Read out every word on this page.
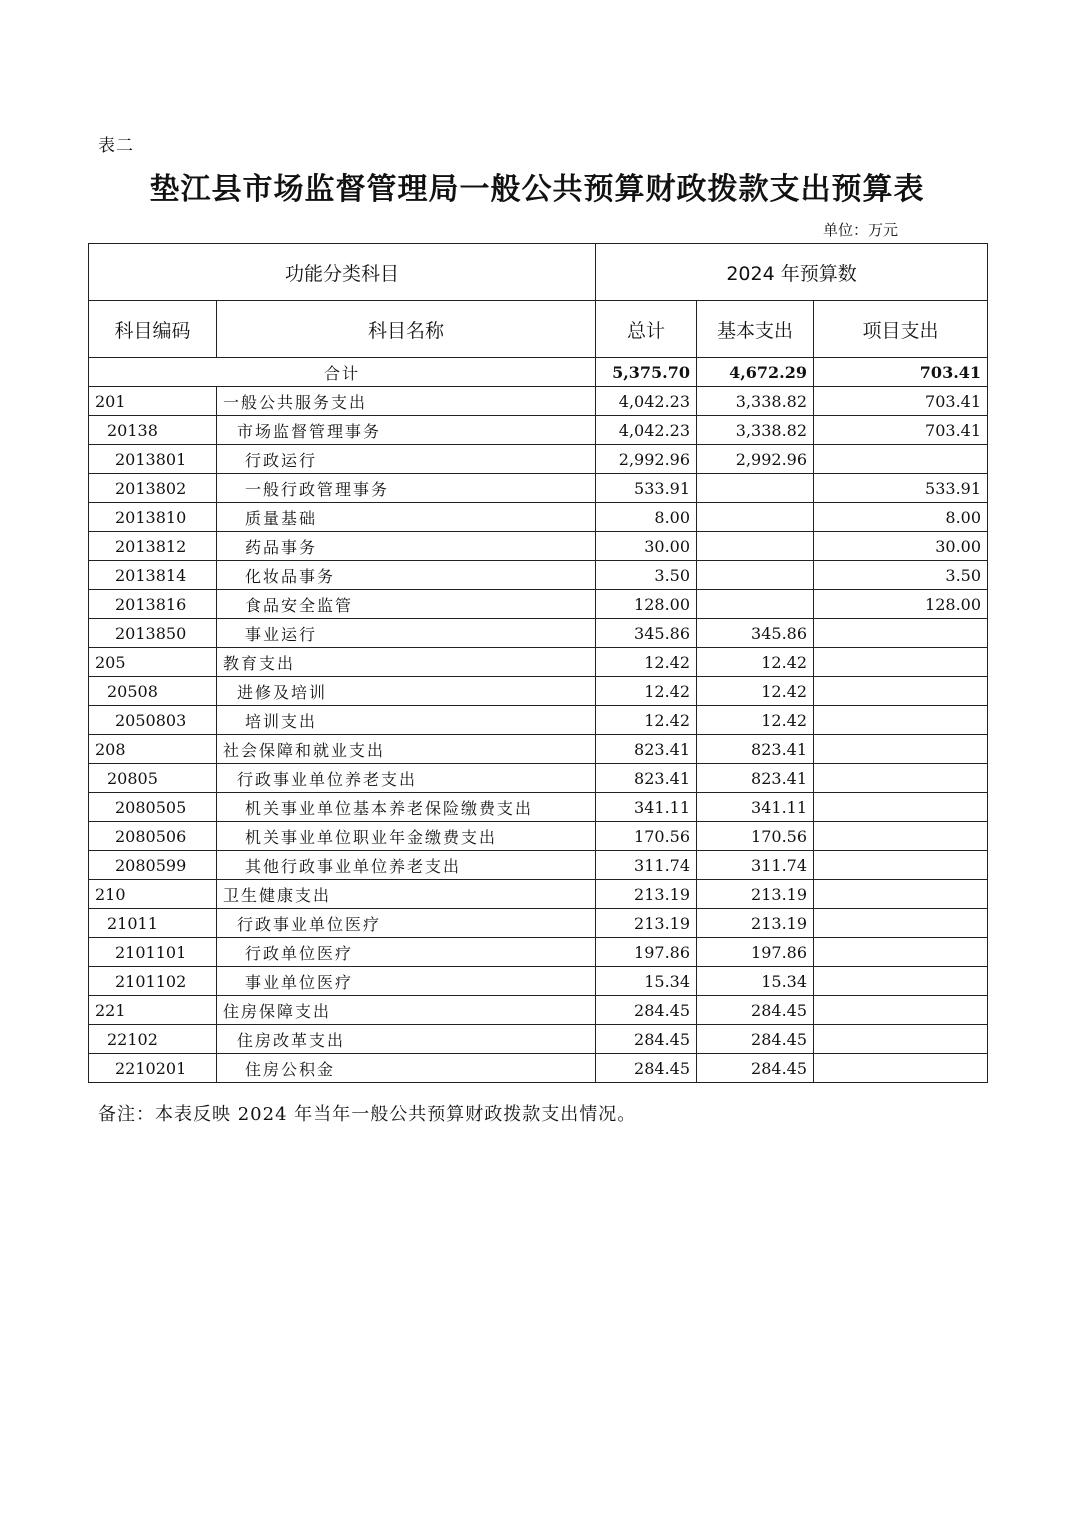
表二
垫江县市场监督管理局一般公共预算财政拨款支出预算表
单位：万元
功能分类科目		2024 年预算数		
科目编码	科目名称	总计	基本支出	项目支出
合计		5,375.70	4,672.29	703.41
201	一般公共服务支出	4,042.23	3,338.82	703.41
20138	市场监督管理事务	4,042.23	3,338.82	703.41
2013801	行政运行	2,992.96	2,992.96	
2013802	一般行政管理事务	533.91		533.91
2013810	质量基础	8.00		8.00
2013812	药品事务	30.00		30.00
2013814	化妆品事务	3.50		3.50
2013816	食品安全监管	128.00		128.00
2013850	事业运行	345.86	345.86	
205	教育支出	12.42	12.42	
20508	进修及培训	12.42	12.42	
2050803	培训支出	12.42	12.42	
208	社会保障和就业支出	823.41	823.41	
20805	行政事业单位养老支出	823.41	823.41	
2080505	机关事业单位基本养老保险缴费支出	341.11	341.11	
2080506	机关事业单位职业年金缴费支出	170.56	170.56	
2080599	其他行政事业单位养老支出	311.74	311.74	
210	卫生健康支出	213.19	213.19	
21011	行政事业单位医疗	213.19	213.19	
2101101	行政单位医疗	197.86	197.86	
2101102	事业单位医疗	15.34	15.34	
221	住房保障支出	284.45	284.45	
22102	住房改革支出	284.45	284.45	
2210201	住房公积金	284.45	284.45	
备注：本表反映 2024 年当年一般公共预算财政拨款支出情况。
